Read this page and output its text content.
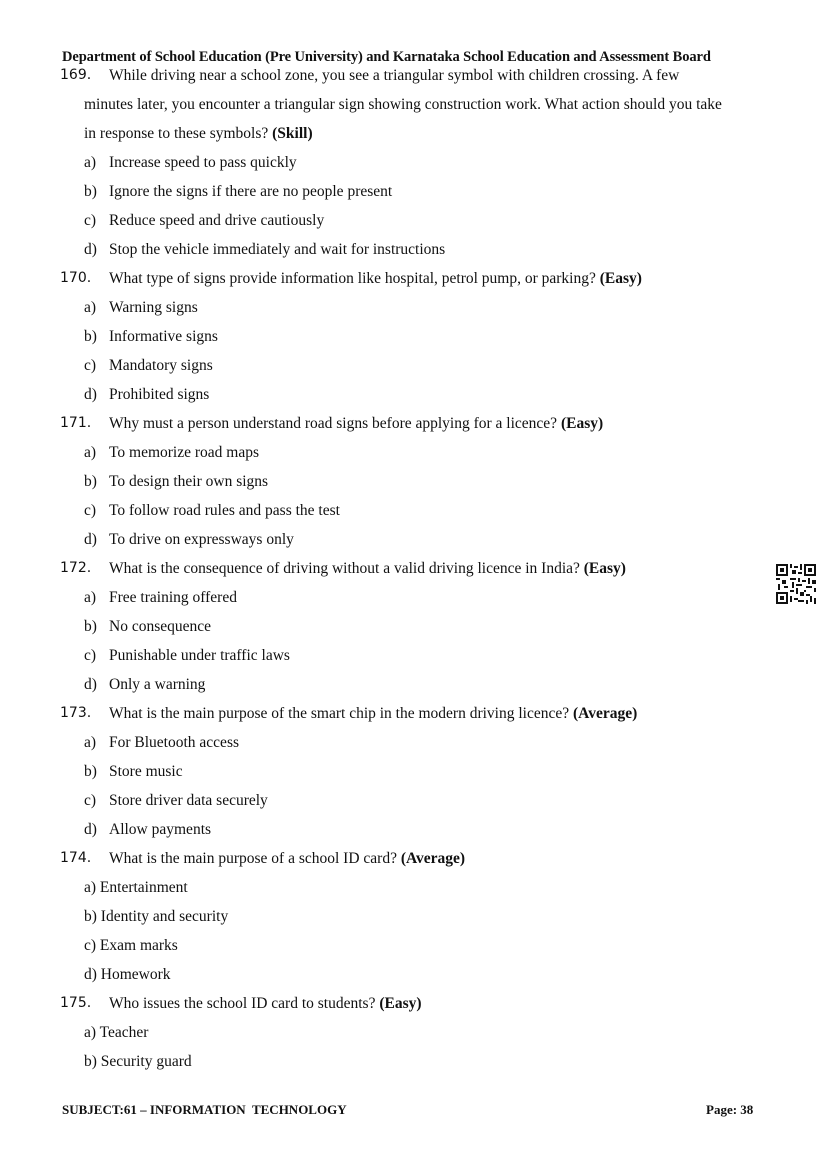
Department of School Education (Pre University) and Karnataka School Education and Assessment Board
169. While driving near a school zone, you see a triangular symbol with children crossing. A few
minutes later, you encounter a triangular sign showing construction work. What action should you take
in response to these symbols? (Skill)
a) Increase speed to pass quickly
b) Ignore the signs if there are no people present
c) Reduce speed and drive cautiously
d) Stop the vehicle immediately and wait for instructions
170. What type of signs provide information like hospital, petrol pump, or parking? (Easy)
a) Warning signs
b) Informative signs
c) Mandatory signs
d) Prohibited signs
171. Why must a person understand road signs before applying for a licence? (Easy)
a) To memorize road maps
b) To design their own signs
c) To follow road rules and pass the test
d) To drive on expressways only
172. What is the consequence of driving without a valid driving licence in India? (Easy)
a) Free training offered
b) No consequence
c) Punishable under traffic laws
d) Only a warning
173. What is the main purpose of the smart chip in the modern driving licence? (Average)
a) For Bluetooth access
b) Store music
c) Store driver data securely
d) Allow payments
174. What is the main purpose of a school ID card? (Average)
a) Entertainment
b) Identity and security
c) Exam marks
d) Homework
175. Who issues the school ID card to students? (Easy)
a) Teacher
b) Security guard
SUBJECT:61 – INFORMATION  TECHNOLOGY	Page: 38
